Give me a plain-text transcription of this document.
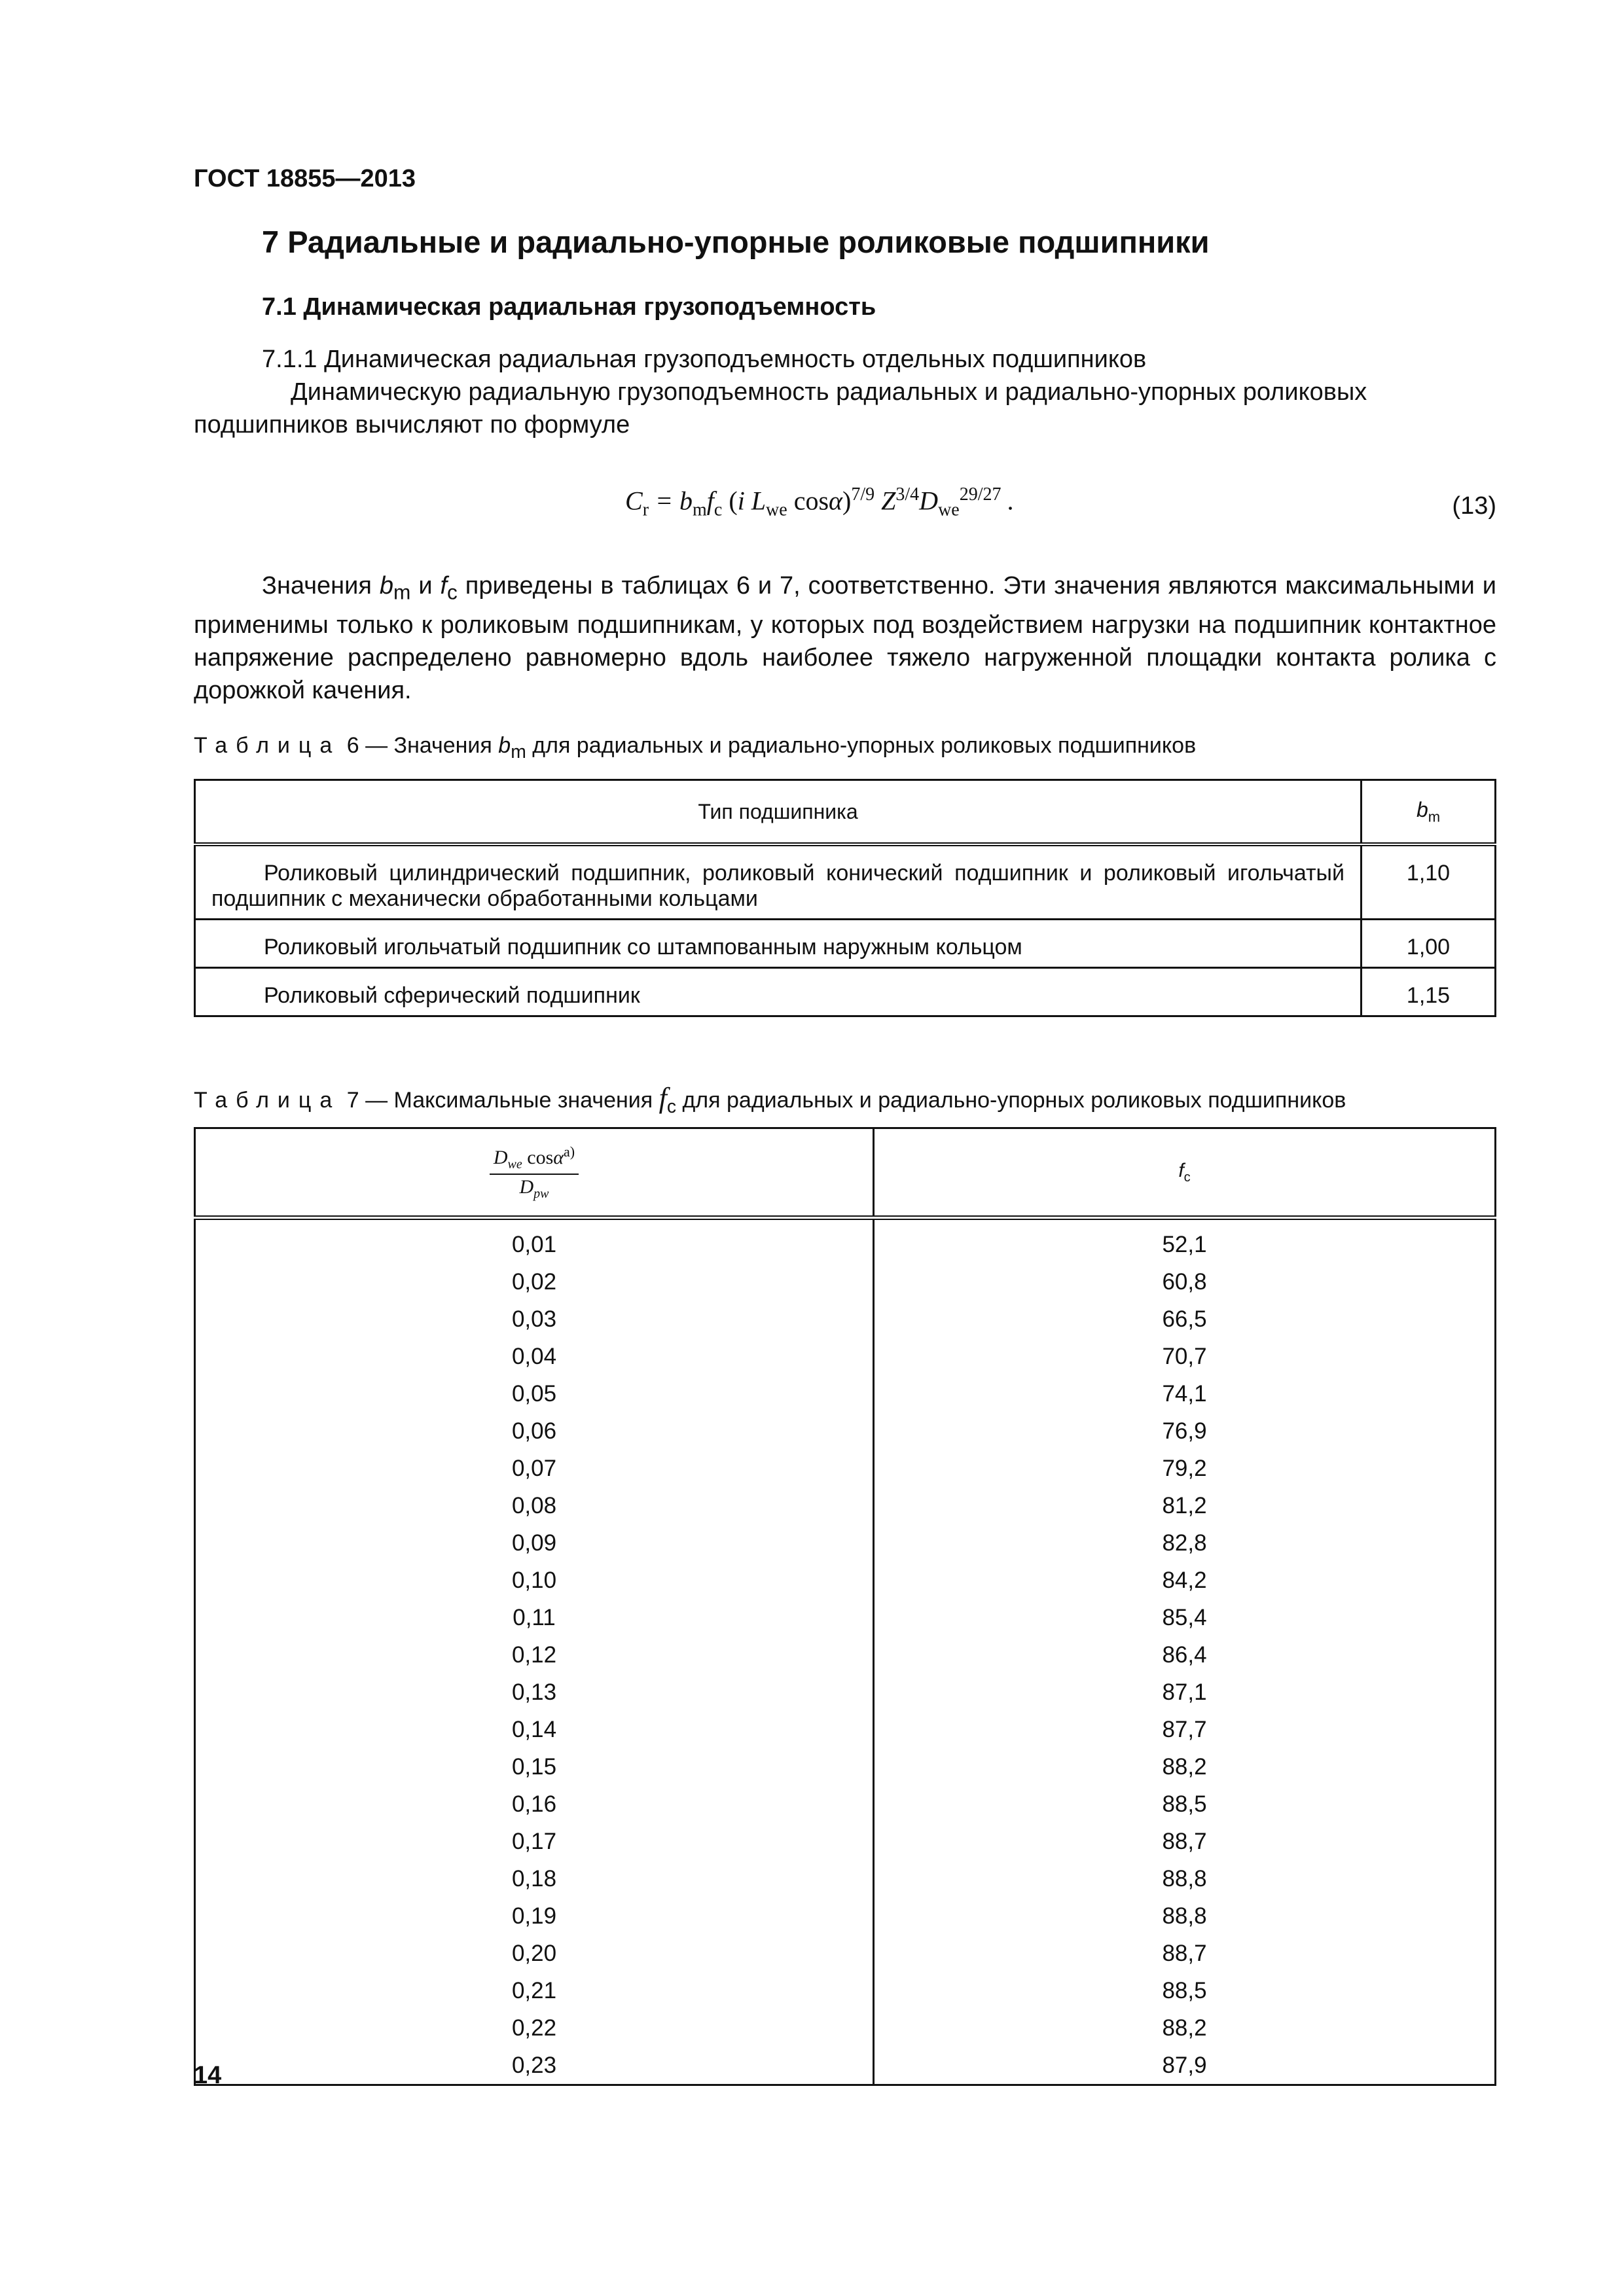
ГОСТ 18855—2013
7 Радиальные и радиально-упорные роликовые подшипники
7.1 Динамическая радиальная грузоподъемность
7.1.1 Динамическая радиальная грузоподъемность отдельных подшипников
Динамическую радиальную грузоподъемность радиальных и радиально-упорных роликовых подшипников вычисляют по формуле
$C_r = b_mf_c$ (i $L_{we}$ cosα)$^{7/9}$ $Z^{3/4}D_{we}^{29/27}$ .	(13)
Значения $b_m$ и $f_c$ приведены в таблицах 6 и 7, соответственно. Эти значения являются максимальными и применимы только к роликовым подшипникам, у которых под воздействием нагрузки на подшипник контактное напряжение распределено равномерно вдоль наиболее тяжело нагруженной площадки контакта ролика с дорожкой качения.
Таблица 6 — Значения $b_m$ для радиальных и радиально-упорных роликовых подшипников
Тип подшипника	$b_m$
Роликовый цилиндрический подшипник, роликовый конический подшипник и роликовый игольчатый подшипник с механически обработанными кольцами	1,10
Роликовый игольчатый подшипник со штампованным наружным кольцом	1,00
Роликовый сферический подшипник	1,15
Таблица 7 — Максимальные значения $f_c$ для радиальных и радиально-упорных роликовых подшипников
$\frac{D_{we} \cos\alpha^{a)}}{D_{pw}}$	$f_c$
0,01	52,1
0,02	60,8
0,03	66,5
0,04	70,7
0,05	74,1
0,06	76,9
0,07	79,2
0,08	81,2
0,09	82,8
0,10	84,2
0,11	85,4
0,12	86,4
0,13	87,1
0,14	87,7
0,15	88,2
0,16	88,5
0,17	88,7
0,18	88,8
0,19	88,8
0,20	88,7
0,21	88,5
0,22	88,2
0,23	87,9
14
